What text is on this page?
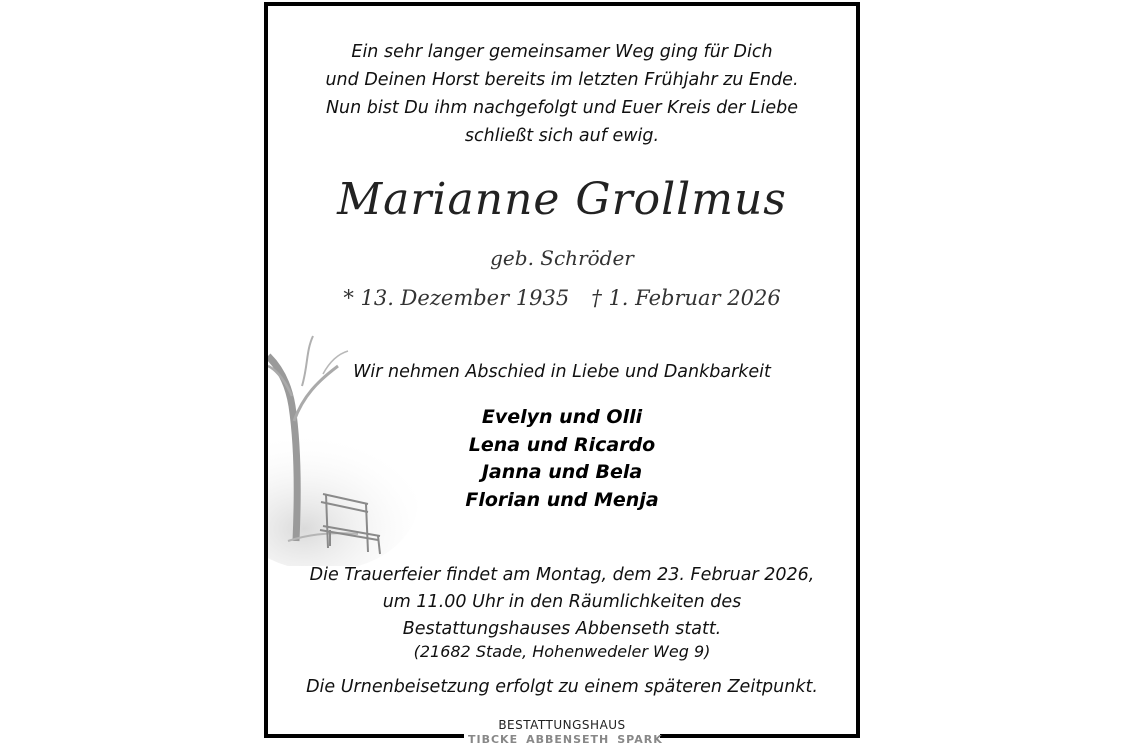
Ein sehr langer gemeinsamer Weg ging für Dich
und Deinen Horst bereits im letzten Frühjahr zu Ende.
Nun bist Du ihm nachgefolgt und Euer Kreis der Liebe
schließt sich auf ewig.
Marianne Grollmus
geb. Schröder
* 13. Dezember 1935 † 1. Februar 2026
Wir nehmen Abschied in Liebe und Dankbarkeit
Evelyn und Olli
Lena und Ricardo
Janna und Bela
Florian und Menja
Die Trauerfeier findet am Montag, dem 23. Februar 2026,
um 11.00 Uhr in den Räumlichkeiten des
Bestattungshauses Abbenseth statt.
(21682 Stade, Hohenwedeler Weg 9)
Die Urnenbeisetzung erfolgt zu einem späteren Zeitpunkt.
BESTATTUNGSHAUS
TIBCKE ABBENSETH SPARK
